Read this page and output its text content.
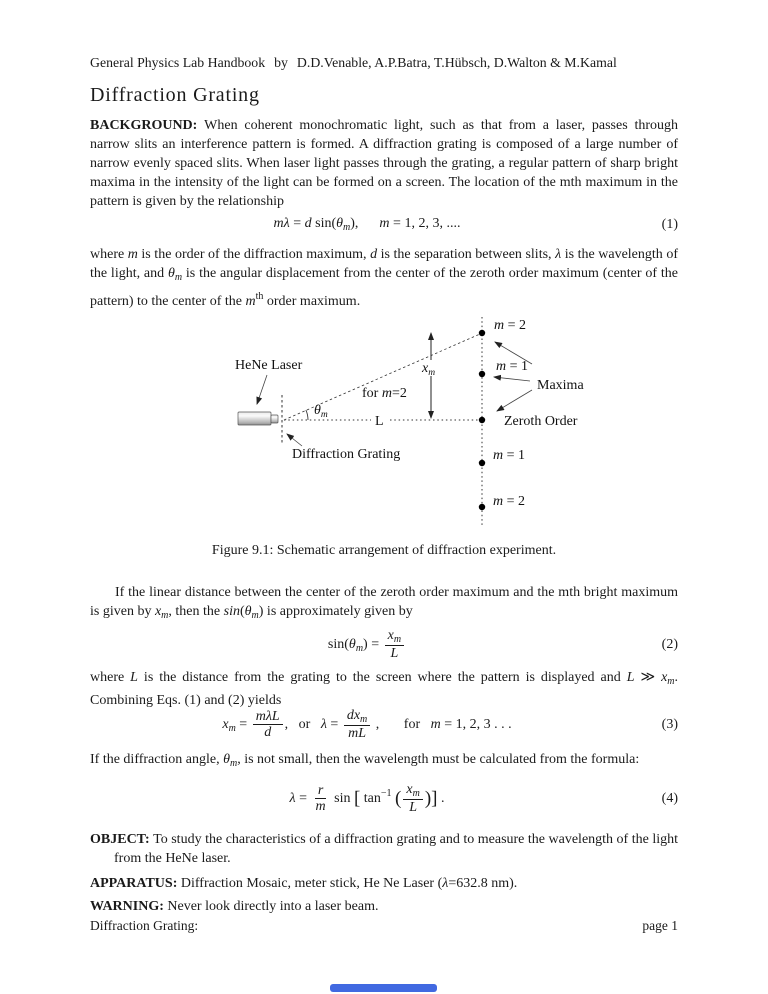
General Physics Lab Handbook by D.D.Venable, A.P.Batra, T.Hübsch, D.Walton & M.Kamal
Diffraction Grating
BACKGROUND: When coherent monochromatic light, such as that from a laser, passes through narrow slits an interference pattern is formed. A diffraction grating is composed of a large number of narrow evenly spaced slits. When laser light passes through the grating, a regular pattern of sharp bright maxima in the intensity of the light can be formed on a screen. The location of the mth maximum in the pattern is given by the relationship
mλ = d $\sin(\theta_m)$,  m = 1, 2, 3, ....	(1)
where m is the order of the diffraction maximum, d is the separation between slits, λ is the wavelength of the light, and $\theta_m$ is the angular displacement from the center of the zeroth order maximum (center of the pattern) to the center of the $m^{th}$ order maximum.
HeNe Laser
m = 2
m = 1
Maxima
Zeroth Order
m = 1
m = 2
$x_m$
for m=2
$\theta_m$	L
Diffraction Grating
Figure 9.1: Schematic arrangement of diffraction experiment.
If the linear distance between the center of the zeroth order maximum and the mth bright maximum is given by $x_m$, then the $\sin(\theta_m)$ is approximately given by
$\sin(\theta_m) = \frac{x_m}{L}$	(2)
where L is the distance from the grating to the screen where the pattern is displayed and L ≫ $x_m$. Combining Eqs. (1) and (2) yields
$x_m = \frac{\text{mλL}}{d}$ ,  or  $\lambda = \frac{dx_m}{mL}$ ,   for  m = 1, 2, 3 . . .	(3)
If the diffraction angle, $\theta_m$, is not small, then the wavelength must be calculated from the formula:
$\lambda = \frac{r}{m}$ sin [ $\tan^{-1}$ ( $\frac{x_m}{L}$ )] .	(4)
OBJECT: To study the characteristics of a diffraction grating and to measure the wavelength of the light from the HeNe laser.
APPARATUS: Diffraction Mosaic, meter stick, He Ne Laser (λ=632.8 nm).
WARNING: Never look directly into a laser beam.
Diffraction Grating:	page 1
